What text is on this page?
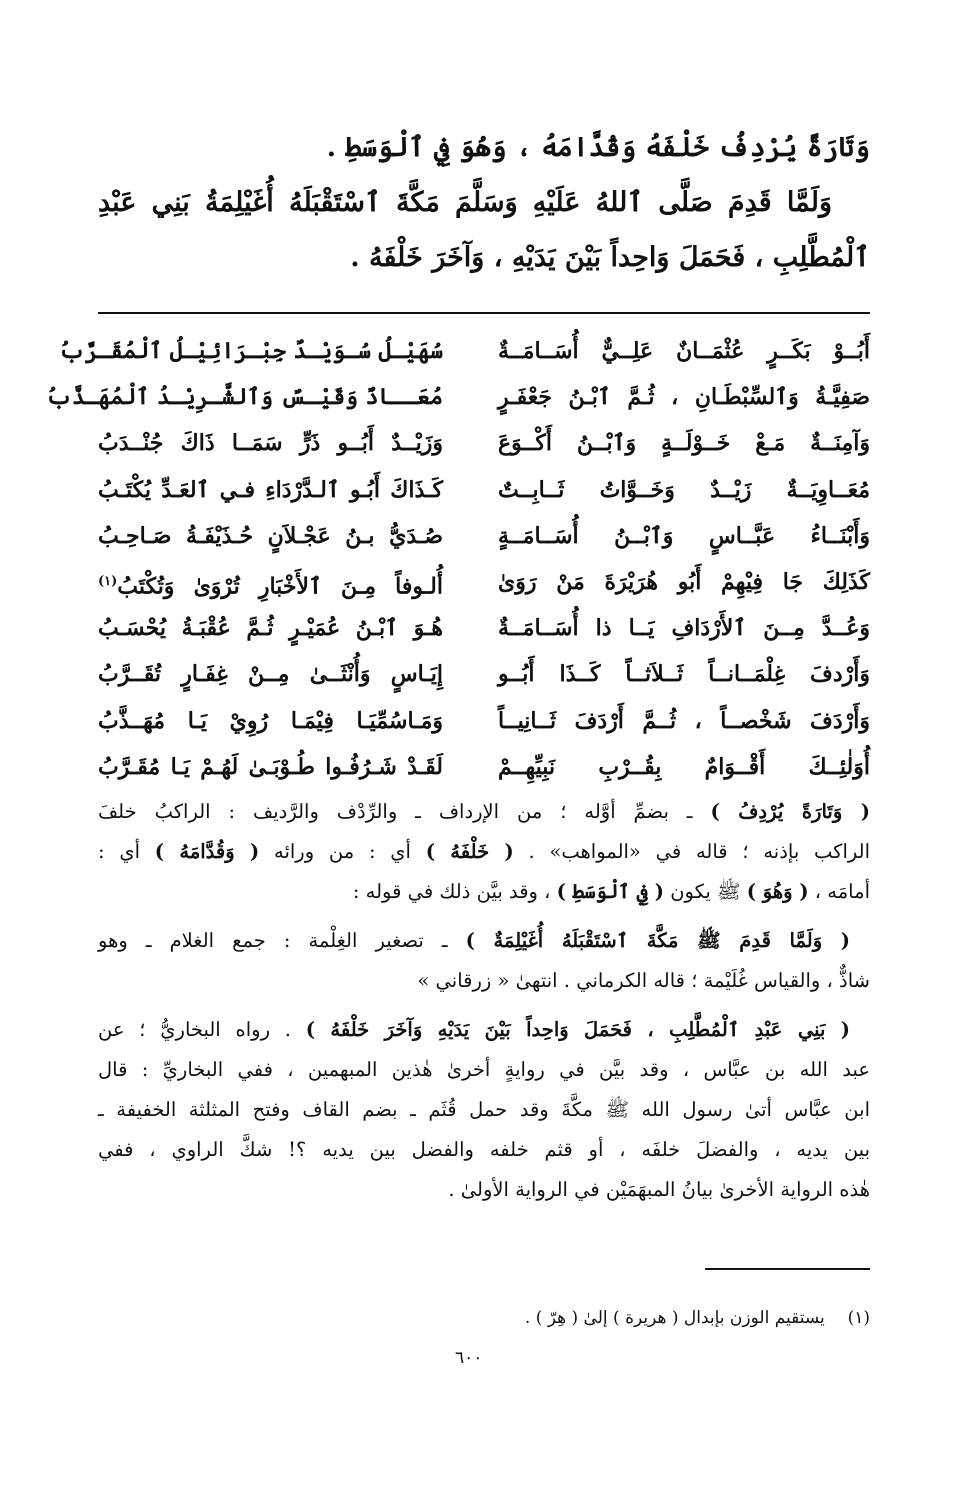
وَتَارَةً يُرْدِفُ خَلْفَهُ وَقُدَّامَهُ ، وَهُوَ فِي ٱلْوَسَطِ .
وَلَمَّا قَدِمَ صَلَّى ٱللهُ عَلَيْهِ وَسَلَّمَ مَكَّةَ ٱسْتَقْبَلَهُ أُغَيْلِمَةُ بَنِي عَبْدِ
ٱلْمُطَّلِبِ ، فَحَمَلَ وَاحِداً بَيْنَ يَدَيْهِ ، وَآخَرَ خَلْفَهُ .
أَبُــوْ بَكَــرٍ عُثْمَــانٌ عَلِــيٌّ أُسَــامَــةٌ
سُهَيْـلُ سُـوَيْـدٌ جِبْـرَائِيْـلُ ٱلْمُقَـرَّبُ
صَفِيَّـةُ وَٱلسِّبْطَـانِ ، ثُـمَّ ٱبْـنُ جَعْفَـرٍ
مُعَــاذٌ وَقَيْـسٌ وَٱلشَّـرِيْـدُ ٱلْمُهَـذَّبُ
وَآمِنَــةٌ مَـعْ خَــوْلَــةٍ وَٱبْــنُ أَكْــوَعَ
وَزَيْــدٌ أَبُــو ذَرٍّ سَمَــا ذَاكَ جُنْــدَبُ
مُعَــاوِيَــةٌ زَيْــدٌ وَخَــوَّاتُ ثَــابِــتٌ
كَـذَاكَ أَبُـو ٱلـدَّرْدَاءِ فـي ٱلعَـدِّ يُكْتَـبُ
وَأَبْنَــاءُ عَبَّــاسٍ وَٱبْــنُ أُسَــامَــةٍ
صُـدَيُّ بـنُ عَجْـلاَنٍ حُـذَيْفَـةُ صَـاحِـبُ
كَذَلِكَ جَا فِيْهِمْ أَبُو هُرَيْرَةَ مَنْ رَوَىٰ
أُلـوفاً مِـنَ ٱلأَخْبَارِ تُرْوَىٰ وَتُكْتَبُ$^{(١)}$
وَعُــدَّ مِــنَ ٱلأَرْدَافِ يَــا ذا أُسَــامَــةٌ
هُـوَ ٱبْـنُ عُمَيْـرٍ ثُـمَّ عُقْبَـةُ يُحْسَـبُ
وَأَرْدفَ غِلْمَــانــاً ثَــلاَثــاً كَــذَا أَبُــو
إِيَـاسٍ وَأُنْثَــىٰ مِــنْ غِفَـارٍ تُقَــرَّبُ
وَأَرْدَفَ شَخْصــاً ، ثُــمَّ أَرْدَفَ ثَــانِيــاً
وَمَـاسُمِّيَـا فِيْمَـا رُوِيْ يَـا مُهَــذَّبُ
أُوَلٰئِــكَ أَقْــوَامٌ بِقُــرْبِ نَبِيِّهِــمْ
لَقَـدْ شَـرُفُـوا طُـوْبَـىٰ لَهُـمْ يَـا مُقَـرَّبُ
( وَتَارَةً يُرْدِفُ ) ـ بضمِّ أوَّله ؛ من الإرداف ـ والرِّدْف والرَّديف : الراكبُ خلفَ
الراكب بإذنه ؛ قاله في «المواهب» . ( خَلْفَهُ ) أي : من ورائه ( وَقُدَّامَهُ ) أي :
أمامَه ، ( وَهُوَ ) ﷺ يكون ( فِي ٱلْوَسَطِ ) ، وقد بيَّن ذلك في قوله :
( وَلَمَّا قَدِمَ ﷺ مَكَّةَ ٱسْتَقْبَلَهُ أُغَيْلِمَةٌ ) ـ تصغير الغِلْمة : جمع الغلام ـ وهو
شاذٌّ ، والقياس غُلَيْمة ؛ قاله الكرماني . انتهىٰ « زرقاني »
( بَنِي عَبْدِ ٱلْمُطَّلِبِ ، فَحَمَلَ وَاحِداً بَيْنَ يَدَيْهِ وَآخَرَ خَلْفَهُ ) . رواه البخاريُّ ؛ عن
عبد الله بن عبَّاس ، وقد بيَّن في روايةٍ أخرىٰ هٰذين المبهمين ، ففي البخاريِّ : قال
ابن عبَّاس أتىٰ رسول الله ﷺ مكَّةَ وقد حمل قُثَم ـ بضم القاف وفتح المثلثة الخفيفة ـ
بين يديه ، والفضلَ خلفَه ، أو قثم خلفه والفضل بين يديه ؟! شكَّ الراوي ، ففي
هٰذه الرواية الأخرىٰ بيانُ المبهَمَيْن في الرواية الأولىٰ .
(١)  يستقيم الوزن بإبدال ( هريرة ) إلىٰ ( هِرّ ) .
٦٠٠
